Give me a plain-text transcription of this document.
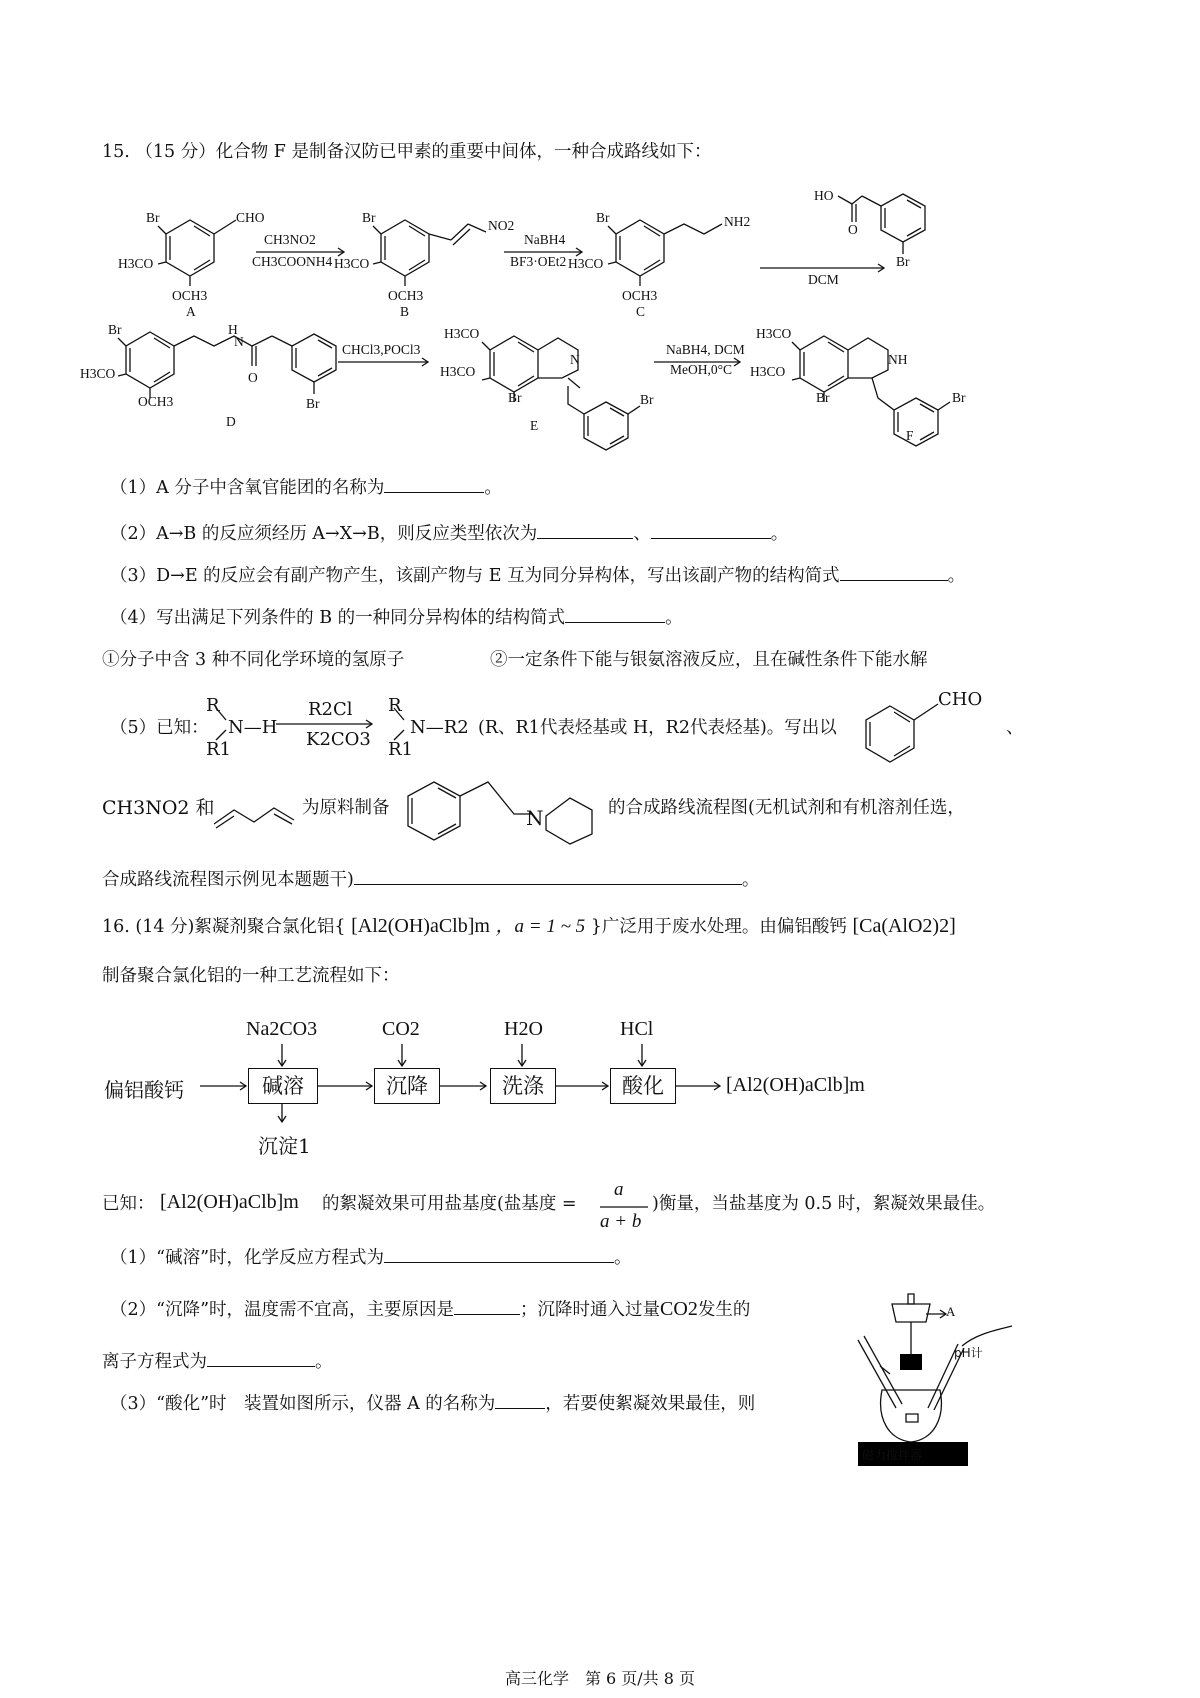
15. （15 分）化合物 F 是制备汉防已甲素的重要中间体，一种合成路线如下：
Br	CHO
H3CO
OCH3
A
CH3NO2
CH3COONH4
Br
NO2
H3CO
OCH3
B
NaBH4
BF3·OEt2
Br	NH2
H3CO
OCH3
C
HO
O
Br
DCM
Br	H
N
H3CO	O
OCH3	Br
D
CHCl3,POCl3
H3CO
H3CO
N
Br	Br
E
NaBH4, DCM
MeOH,0°C
H3CO
H3CO
NH
Br	Br
F
（1）A 分子中含氧官能团的名称为	。
（2）A→B 的反应须经历 A→X→B，则反应类型依次为	、	。
（3）D→E 的反应会有副产物产生，该副产物与 E 互为同分异构体，写出该副产物的结构简式	。
（4）写出满足下列条件的 B 的一种同分异构体的结构简式	。
①分子中含 3 种不同化学环境的氢原子	②一定条件下能与银氨溶液反应，且在碱性条件下能水解
（5）已知：
R
R1
N—H
R2Cl
K2CO3
R
R1
N—R2 (R、R1代表烃基或 H，R2代表烃基)。写出以
CHO
、
CH3NO2 和	为原料制备	N	的合成路线流程图(无机试剂和有机溶剂任选，
合成路线流程图示例见本题题干)	。
16. (14 分)絮凝剂聚合氯化铝{ [Al2(OH)aClb]m ，a = 1 ~ 5 }广泛用于废水处理。由偏铝酸钙 [Ca(AlO2)2]
制备聚合氯化铝的一种工艺流程如下：
偏铝酸钙	碱溶	沉降	洗涤	酸化
Na2CO3	CO2	H2O	HCl
沉淀1
[Al2(OH)aClb]m
已知： [Al2(OH)aClb]m 的絮凝效果可用盐基度(盐基度 =
a
a + b
)衡量，当盐基度为 0.5 时，絮凝效果最佳。
（1）“碱溶”时，化学反应方程式为	。
（2）“沉降”时，温度需不宜高，主要原因是	；沉降时通入过量CO2发生的
离子方程式为	。
（3）“酸化”时　装置如图所示，仪器 A 的名称为	，若要使絮凝效果最佳，则
A
pH计
磁力搅拌器
高三化学　第 6 页/共 8 页
